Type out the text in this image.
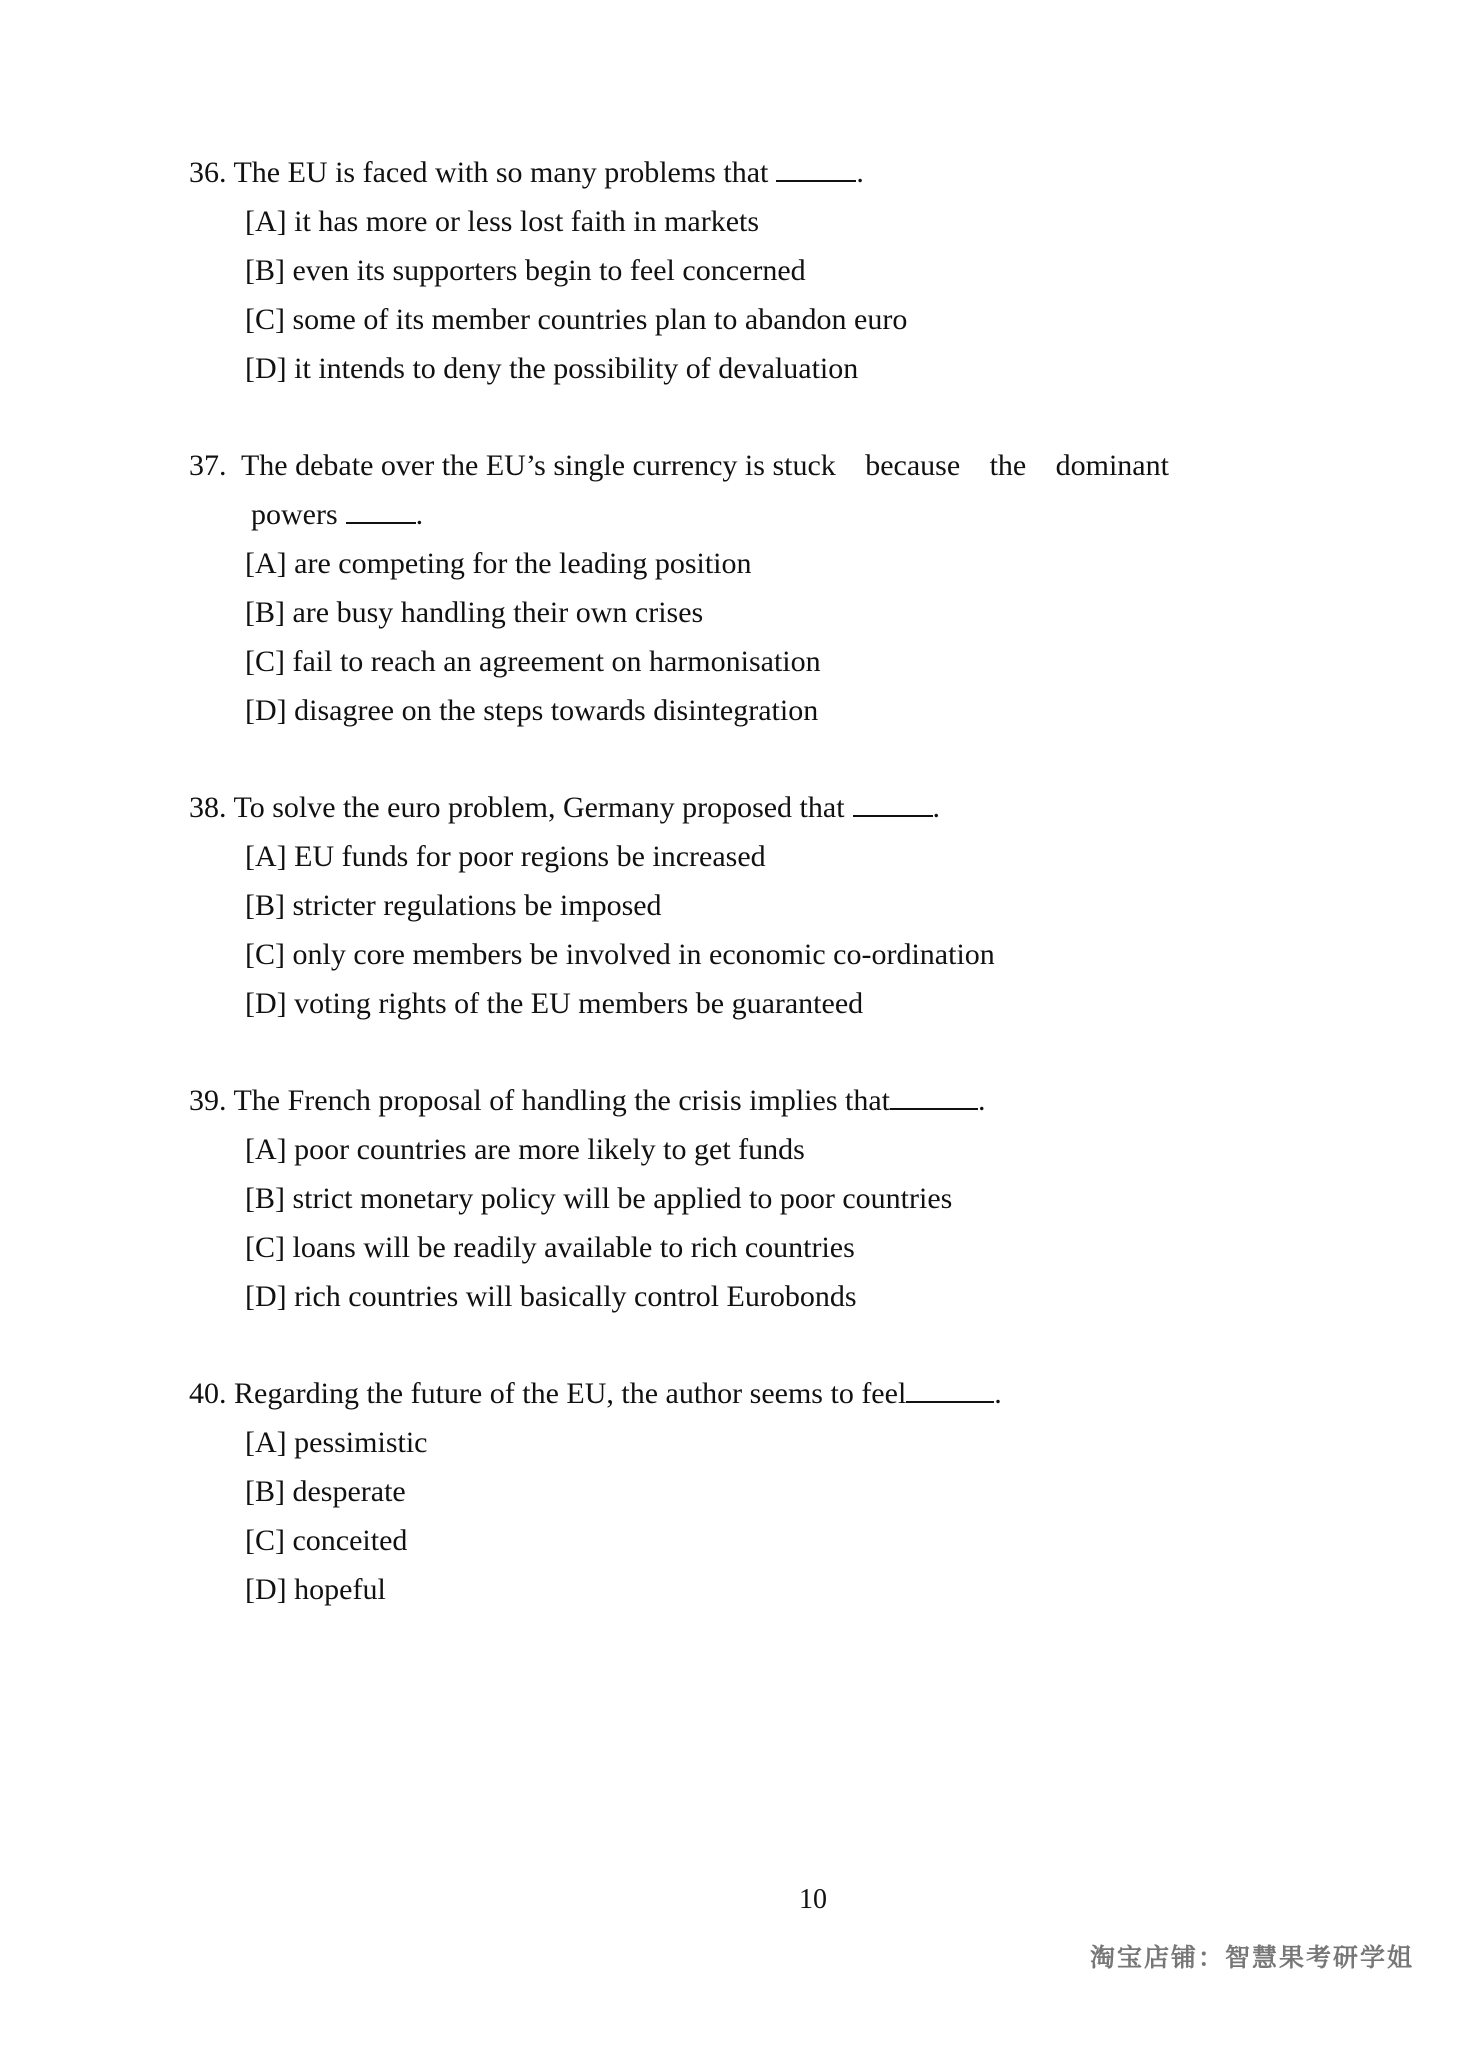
36. The EU is faced with so many problems that	.
[A] it has more or less lost faith in markets
[B] even its supporters begin to feel concerned
[C] some of its member countries plan to abandon euro
[D] it intends to deny the possibility of devaluation
37. The debate over the EU’s single currency is stuck because the dominant
powers	.
[A] are competing for the leading position
[B] are busy handling their own crises
[C] fail to reach an agreement on harmonisation
[D] disagree on the steps towards disintegration
38. To solve the euro problem, Germany proposed that	.
[A] EU funds for poor regions be increased
[B] stricter regulations be imposed
[C] only core members be involved in economic co-ordination
[D] voting rights of the EU members be guaranteed
39. The French proposal of handling the crisis implies that	.
[A] poor countries are more likely to get funds
[B] strict monetary policy will be applied to poor countries
[C] loans will be readily available to rich countries
[D] rich countries will basically control Eurobonds
40. Regarding the future of the EU, the author seems to feel	.
[A] pessimistic
[B] desperate
[C] conceited
[D] hopeful
10
淘宝店铺：智慧果考研学姐
